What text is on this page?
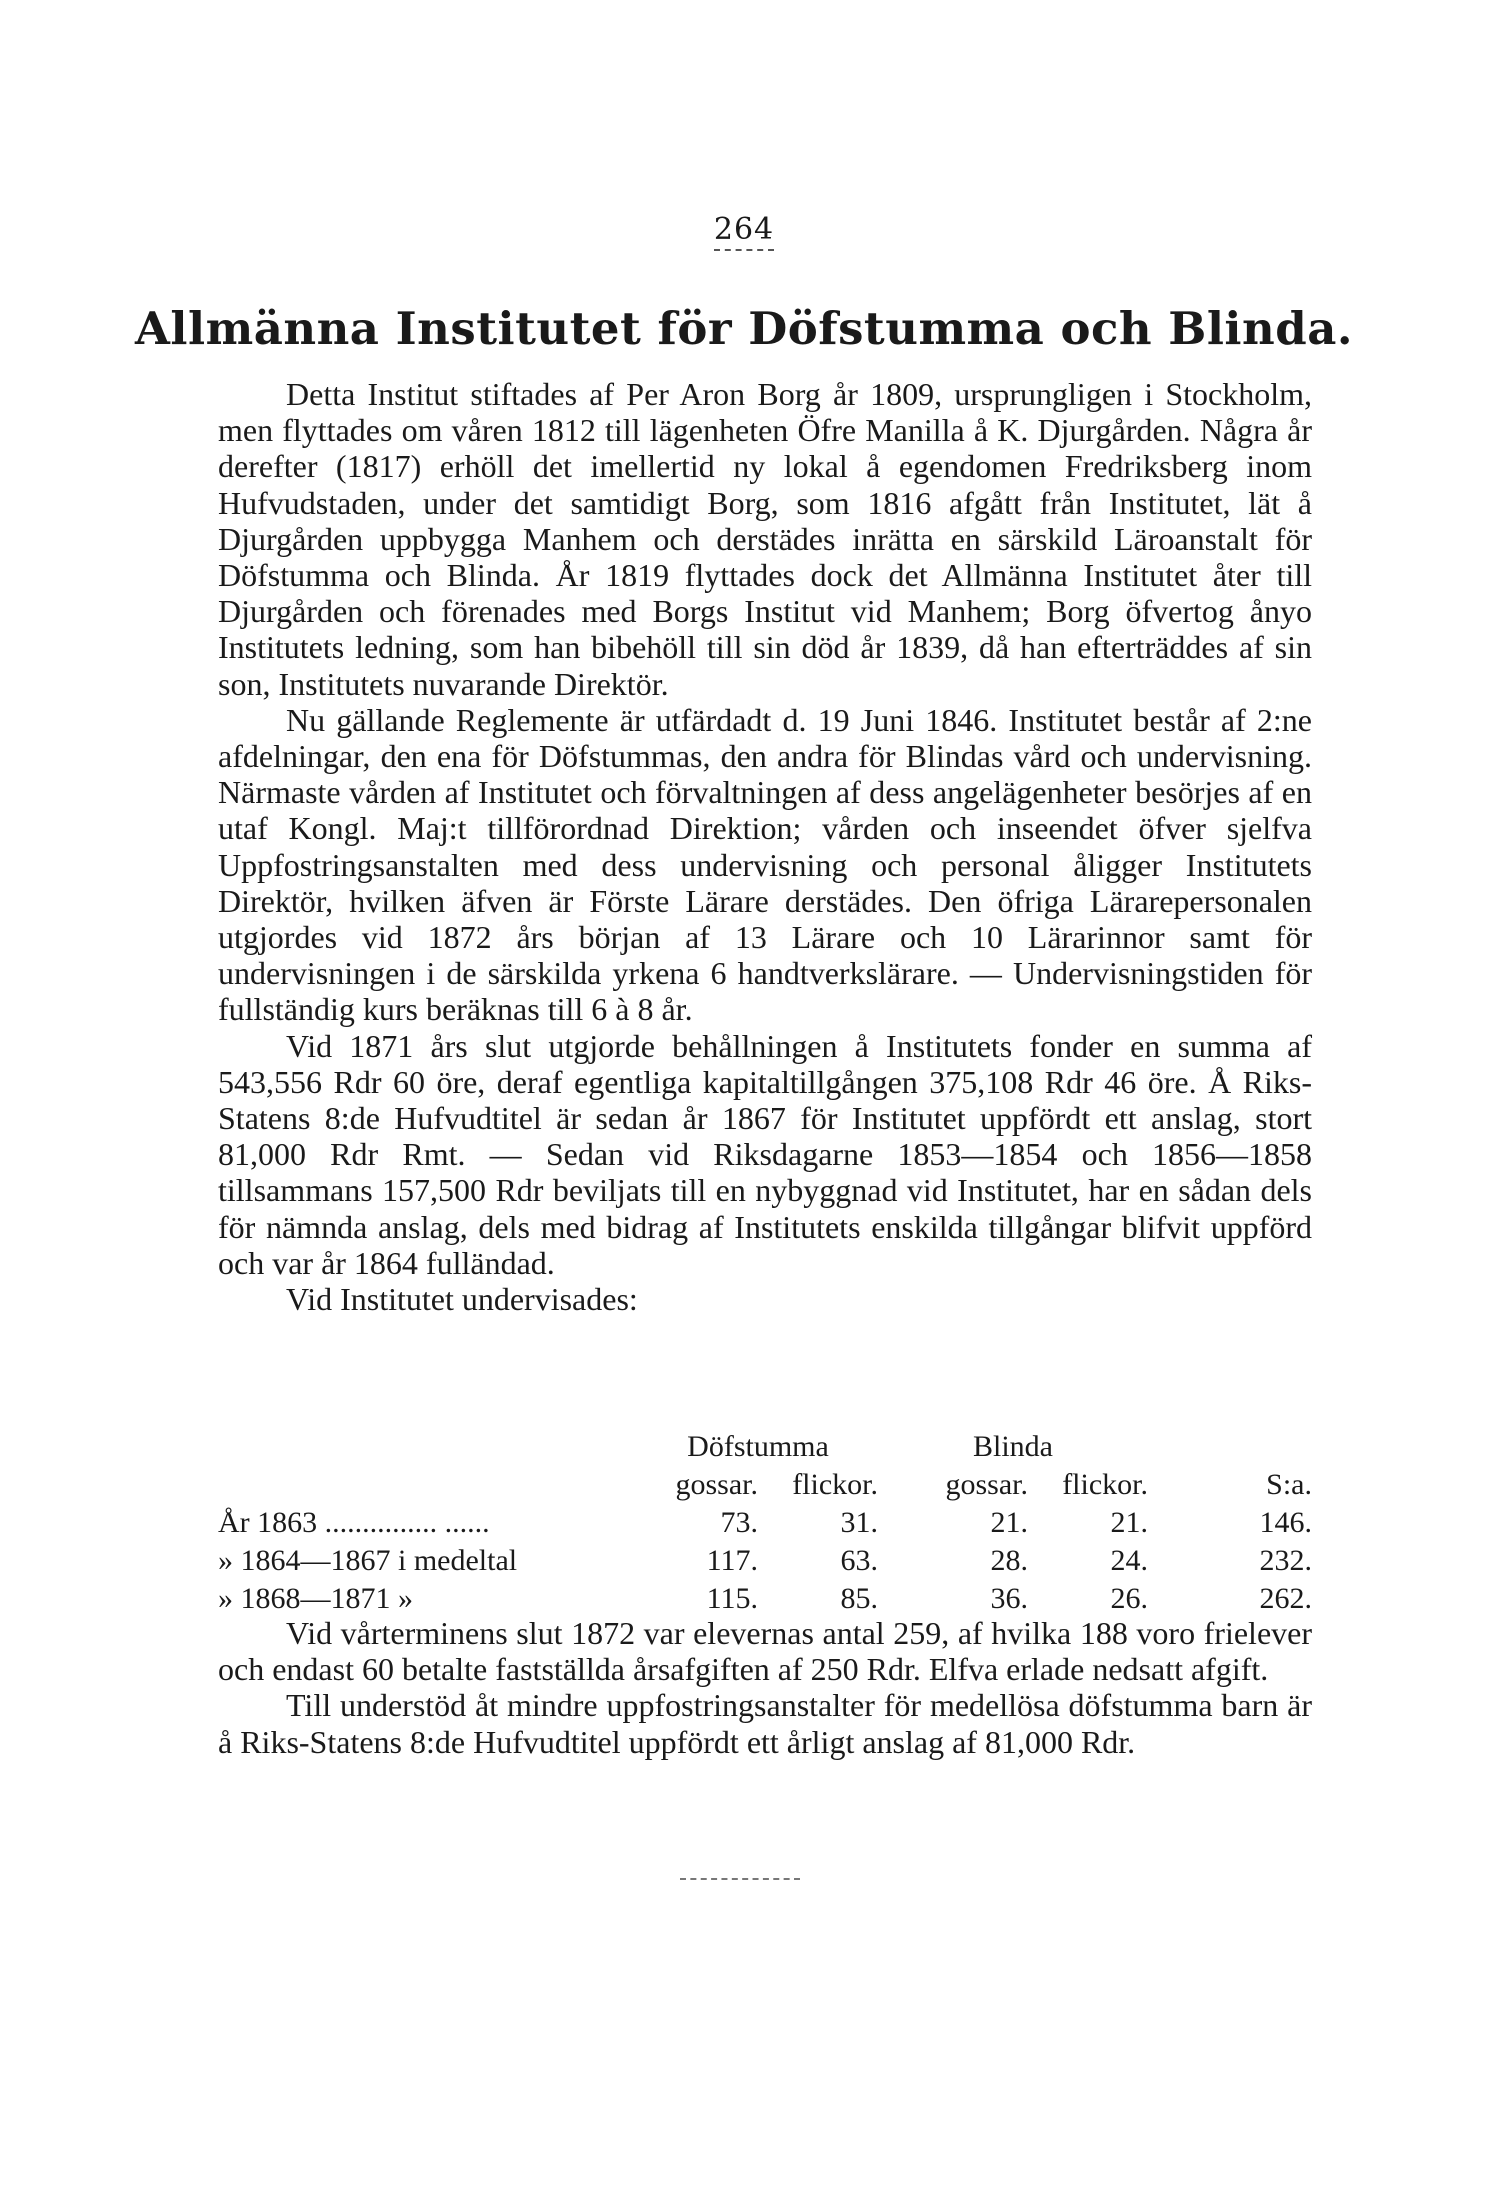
264
Allmänna Institutet för Döfstumma och Blinda.

Detta Institut stiftades af Per Aron Borg år 1809, ursprungligen i Stockholm, men flyttades om våren 1812 till lägenheten Öfre Manilla å K. Djurgården. Några år derefter (1817) erhöll det imellertid ny lokal å egendomen Fredriksberg inom Hufvudstaden, under det samtidigt Borg, som 1816 afgått från Institutet, lät å Djurgården uppbygga Manhem och derstädes inrätta en särskild Läroanstalt för Döfstumma och Blinda. År 1819 flyttades dock det Allmänna Institutet åter till Djurgården och förenades med Borgs Institut vid Manhem; Borg öfvertog ånyo Institutets ledning, som han bibehöll till sin död år 1839, då han efterträddes af sin son, Institutets nuvarande Direktör.

Nu gällande Reglemente är utfärdadt d. 19 Juni 1846. Institutet består af 2:ne afdelningar, den ena för Döfstummas, den andra för Blindas vård och undervisning. Närmaste vården af Institutet och förvaltningen af dess angelägenheter besörjes af en utaf Kongl. Maj:t tillförordnad Direktion; vården och inseendet öfver sjelfva Uppfostringsanstalten med dess undervisning och personal åligger Institutets Direktör, hvilken äfven är Förste Lärare derstädes. Den öfriga Lärarepersonalen utgjordes vid 1872 års början af 13 Lärare och 10 Lärarinnor samt för undervisningen i de särskilda yrkena 6 handtverkslärare. — Undervisningstiden för fullständig kurs beräknas till 6 à 8 år.

Vid 1871 års slut utgjorde behållningen å Institutets fonder en summa af 543,556 Rdr 60 öre, deraf egentliga kapitaltillgången 375,108 Rdr 46 öre. Å Riks-Statens 8:de Hufvudtitel är sedan år 1867 för Institutet uppfördt ett anslag, stort 81,000 Rdr Rmt. — Sedan vid Riksdagarne 1853—1854 och 1856—1858 tillsammans 157,500 Rdr beviljats till en nybyggnad vid Institutet, har en sådan dels för nämnda anslag, dels med bidrag af Institutets enskilda tillgångar blifvit uppförd och var år 1864 fulländad.

Vid Institutet undervisades:

	Döfstumma		Blinda		
	gossar.	flickor.	gossar.	flickor.	S:a.
År 1863 ............... ......	73.	31.	21.	21.	146.
» 1864—1867 i medeltal	117.	63.	28.	24.	232.
» 1868—1871 »	115.	85.	36.	26.	262.

Vid vårterminens slut 1872 var elevernas antal 259, af hvilka 188 voro frielever och endast 60 betalte fastställda årsafgiften af 250 Rdr. Elfva erlade nedsatt afgift.

Till understöd åt mindre uppfostringsanstalter för medellösa döfstumma barn är å Riks-Statens 8:de Hufvudtitel uppfördt ett årligt anslag af 81,000 Rdr.
